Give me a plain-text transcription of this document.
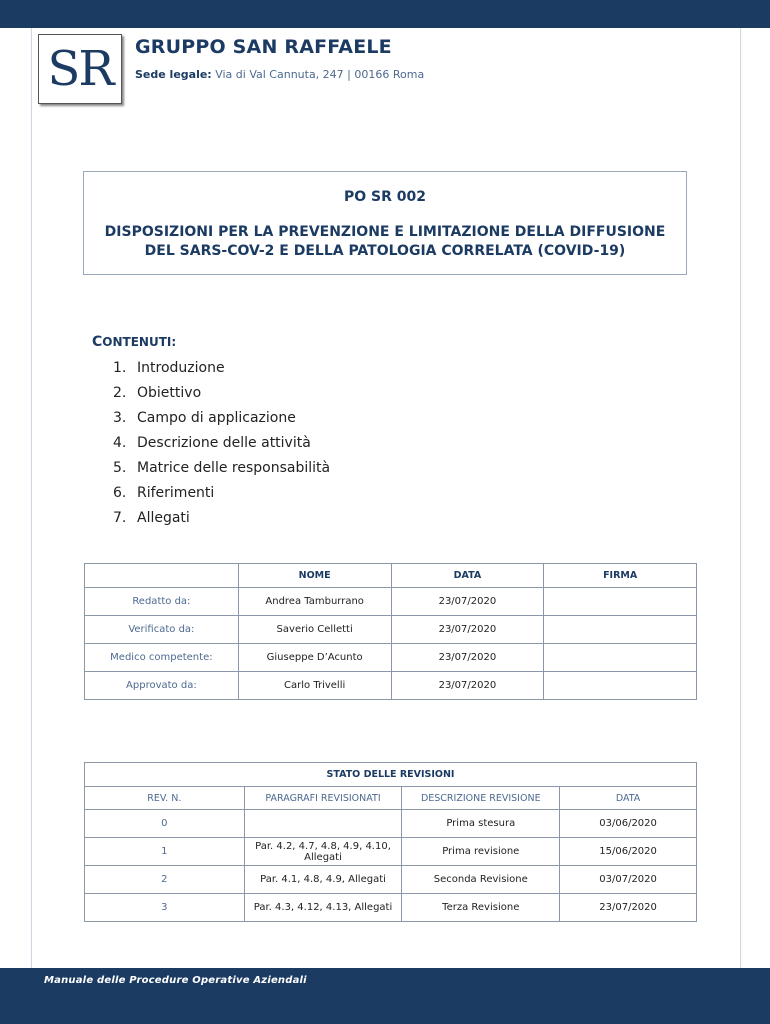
SR	GRUPPO SAN RAFFAELE
Sede legale: Via di Val Cannuta, 247 | 00166 Roma
PO SR 002
DISPOSIZIONI PER LA PREVENZIONE E LIMITAZIONE DELLA DIFFUSIONE
DEL SARS-COV-2 E DELLA PATOLOGIA CORRELATA (COVID-19)
CONTENUTI:
1. Introduzione
2. Obiettivo
3. Campo di applicazione
4. Descrizione delle attività
5. Matrice delle responsabilità
6. Riferimenti
7. Allegati
	NOME	DATA	FIRMA
Redatto da:	Andrea Tamburrano	23/07/2020	
Verificato da:	Saverio Celletti	23/07/2020	
Medico competente:	Giuseppe D’Acunto	23/07/2020	
Approvato da:	Carlo Trivelli	23/07/2020	
STATO DELLE REVISIONI			
REV. N.	PARAGRAFI REVISIONATI	DESCRIZIONE REVISIONE	DATA
0		Prima stesura	03/06/2020
1	Par. 4.2, 4.7, 4.8, 4.9, 4.10, Allegati	Prima revisione	15/06/2020
2	Par. 4.1, 4.8, 4.9, Allegati	Seconda Revisione	03/07/2020
3	Par. 4.3, 4.12, 4.13, Allegati	Terza Revisione	23/07/2020
Manuale delle Procedure Operative Aziendali
